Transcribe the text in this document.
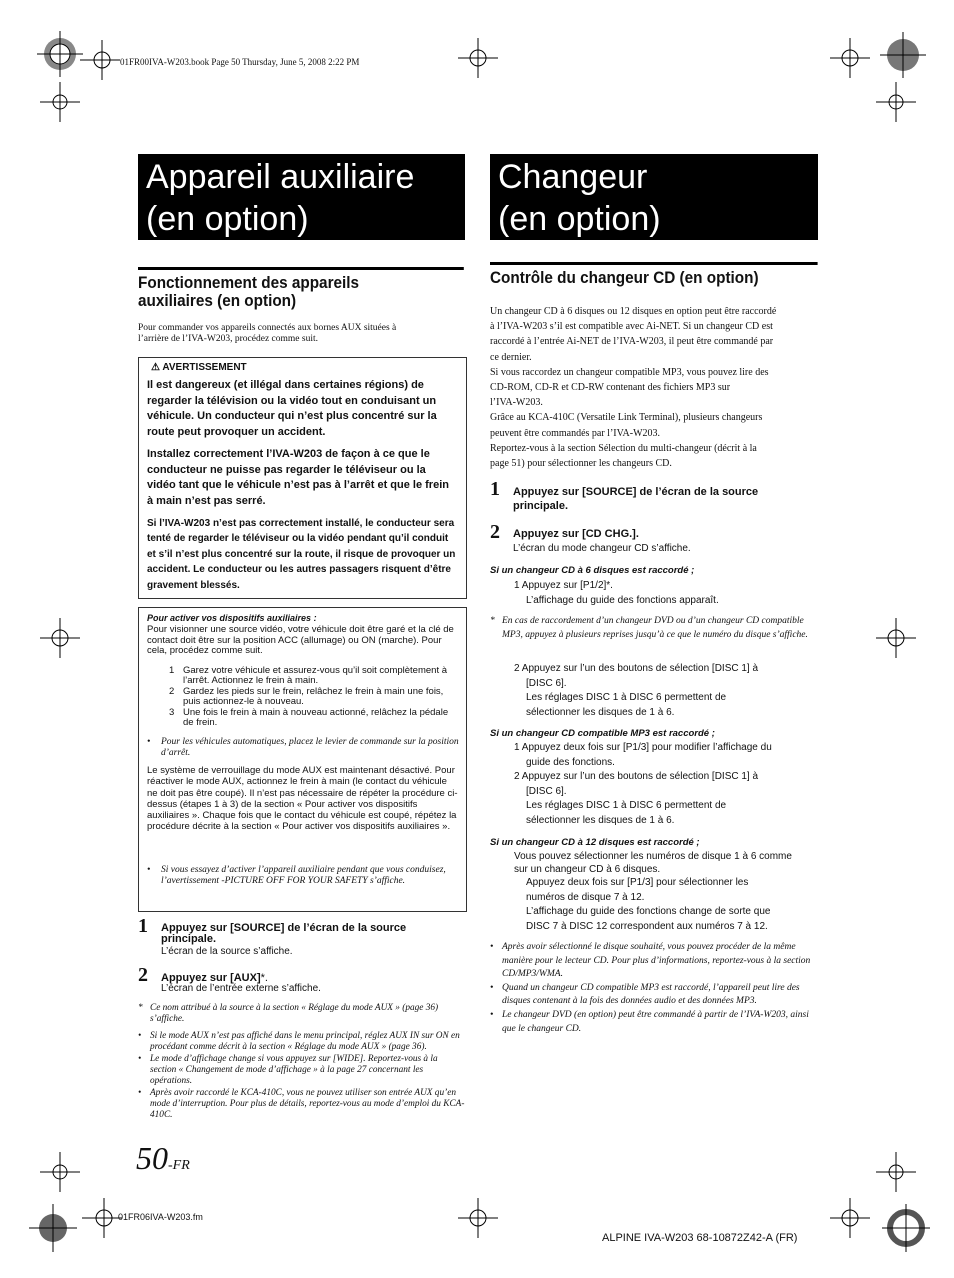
01FR00IVA-W203.book Page 50 Thursday, June 5, 2008 2:22 PM
Appareil auxiliaire
(en option)
Fonctionnement des appareils
auxiliaires (en option)
Pour commander vos appareils connectés aux bornes AUX situées à
l’arrière de l’IVA-W203, procédez comme suit.
⚠ AVERTISSEMENT

Il est dangereux (et illégal dans certaines régions) de regarder la télévision ou la vidéo tout en conduisant un véhicule. Un conducteur qui n’est plus concentré sur la route peut provoquer un accident.

Installez correctement l’IVA-W203 de façon à ce que le conducteur ne puisse pas regarder le téléviseur ou la vidéo tant que le véhicule n’est pas à l’arrêt et que le frein à main n’est pas serré.

Si l’IVA-W203 n’est pas correctement installé, le conducteur sera tenté de regarder le téléviseur ou la vidéo pendant qu’il conduit et s’il n’est plus concentré sur la route, il risque de provoquer un accident. Le conducteur ou les autres passagers risquent d’être gravement blessés.

Pour activer vos dispositifs auxiliaires :

Pour visionner une source vidéo, votre véhicule doit être garé et la clé de contact doit être sur la position ACC (allumage) ou ON (marche). Pour cela, procédez comme suit.

1 Garez votre véhicule et assurez-vous qu’il soit complètement à l’arrêt. Actionnez le frein à main.

2 Gardez les pieds sur le frein, relâchez le frein à main une fois, puis actionnez-le à nouveau.

3 Une fois le frein à main à nouveau actionné, relâchez la pédale de frein.

• Pour les véhicules automatiques, placez le levier de commande sur la position d’arrêt.

Le système de verrouillage du mode AUX est maintenant désactivé. Pour réactiver le mode AUX, actionnez le frein à main (le contact du véhicule ne doit pas être coupé). Il n’est pas nécessaire de répéter la procédure ci-dessus (étapes 1 à 3) de la section « Pour activer vos dispositifs auxiliaires ». Chaque fois que le contact du véhicule est coupé, répétez la procédure décrite à la section « Pour activer vos dispositifs auxiliaires ».

• Si vous essayez d’activer l’appareil auxiliaire pendant que vous conduisez, l’avertissement -PICTURE OFF FOR YOUR SAFETY s’affiche.

1 Appuyez sur [SOURCE] de l’écran de la source principale.
L’écran de la source s’affiche.
2 Appuyez sur [AUX]*.
L’écran de l’entrée externe s’affiche.
* Ce nom attribué à la source à la section « Réglage du mode AUX » (page 36) s’affiche.

• Si le mode AUX n’est pas affiché dans le menu principal, réglez AUX IN sur ON en procédant comme décrit à la section « Réglage du mode AUX » (page 36).

• Le mode d’affichage change si vous appuyez sur [WIDE]. Reportez-vous à la section « Changement de mode d’affichage » à la page 27 concernant les opérations.

• Après avoir raccordé le KCA-410C, vous ne pouvez utiliser son entrée AUX qu’en mode d’interruption. Pour plus de détails, reportez-vous au mode d’emploi du KCA-410C.

Changeur
(en option)
Contrôle du changeur CD (en option)
Un changeur CD à 6 disques ou 12 disques en option peut être raccordé
à l’IVA-W203 s’il est compatible avec Ai-NET. Si un changeur CD est
raccordé à l’entrée Ai-NET de l’IVA-W203, il peut être commandé par
ce dernier.
Si vous raccordez un changeur compatible MP3, vous pouvez lire des
CD-ROM, CD-R et CD-RW contenant des fichiers MP3 sur
l’IVA-W203.
Grâce au KCA-410C (Versatile Link Terminal), plusieurs changeurs
peuvent être commandés par l’IVA-W203.
Reportez-vous à la section Sélection du multi-changeur (décrit à la
page 51) pour sélectionner les changeurs CD.
1 Appuyez sur [SOURCE] de l’écran de la source
principale.
2 Appuyez sur [CD CHG.].
L’écran du mode changeur CD s’affiche.
Si un changeur CD à 6 disques est raccordé ;
1 Appuyez sur [P1/2]*.
L’affichage du guide des fonctions apparaît.
* En cas de raccordement d’un changeur DVD ou d’un changeur CD compatible MP3, appuyez à plusieurs reprises jusqu’à ce que le numéro du disque s’affiche.

2 Appuyez sur l’un des boutons de sélection [DISC 1] à
[DISC 6].
Les réglages DISC 1 à DISC 6 permettent de
sélectionner les disques de 1 à 6.
Si un changeur CD compatible MP3 est raccordé ;
1 Appuyez deux fois sur [P1/3] pour modifier l’affichage du
guide des fonctions.
2 Appuyez sur l’un des boutons de sélection [DISC 1] à
[DISC 6].
Les réglages DISC 1 à DISC 6 permettent de
sélectionner les disques de 1 à 6.
Si un changeur CD à 12 disques est raccordé ;
Vous pouvez sélectionner les numéros de disque 1 à 6 comme
sur un changeur CD à 6 disques.
Appuyez deux fois sur [P1/3] pour sélectionner les
numéros de disque 7 à 12.
L’affichage du guide des fonctions change de sorte que
DISC 7 à DISC 12 correspondent aux numéros 7 à 12.
• Après avoir sélectionné le disque souhaité, vous pouvez procéder de la même manière pour le lecteur CD. Pour plus d’informations, reportez-vous à la section CD/MP3/WMA.

• Quand un changeur CD compatible MP3 est raccordé, l’appareil peut lire des disques contenant à la fois des données audio et des données MP3.

• Le changeur DVD (en option) peut être commandé à partir de l’IVA-W203, ainsi que le changeur CD.

50-FR
01FR06IVA-W203.fm
ALPINE IVA-W203 68-10872Z42-A (FR)
